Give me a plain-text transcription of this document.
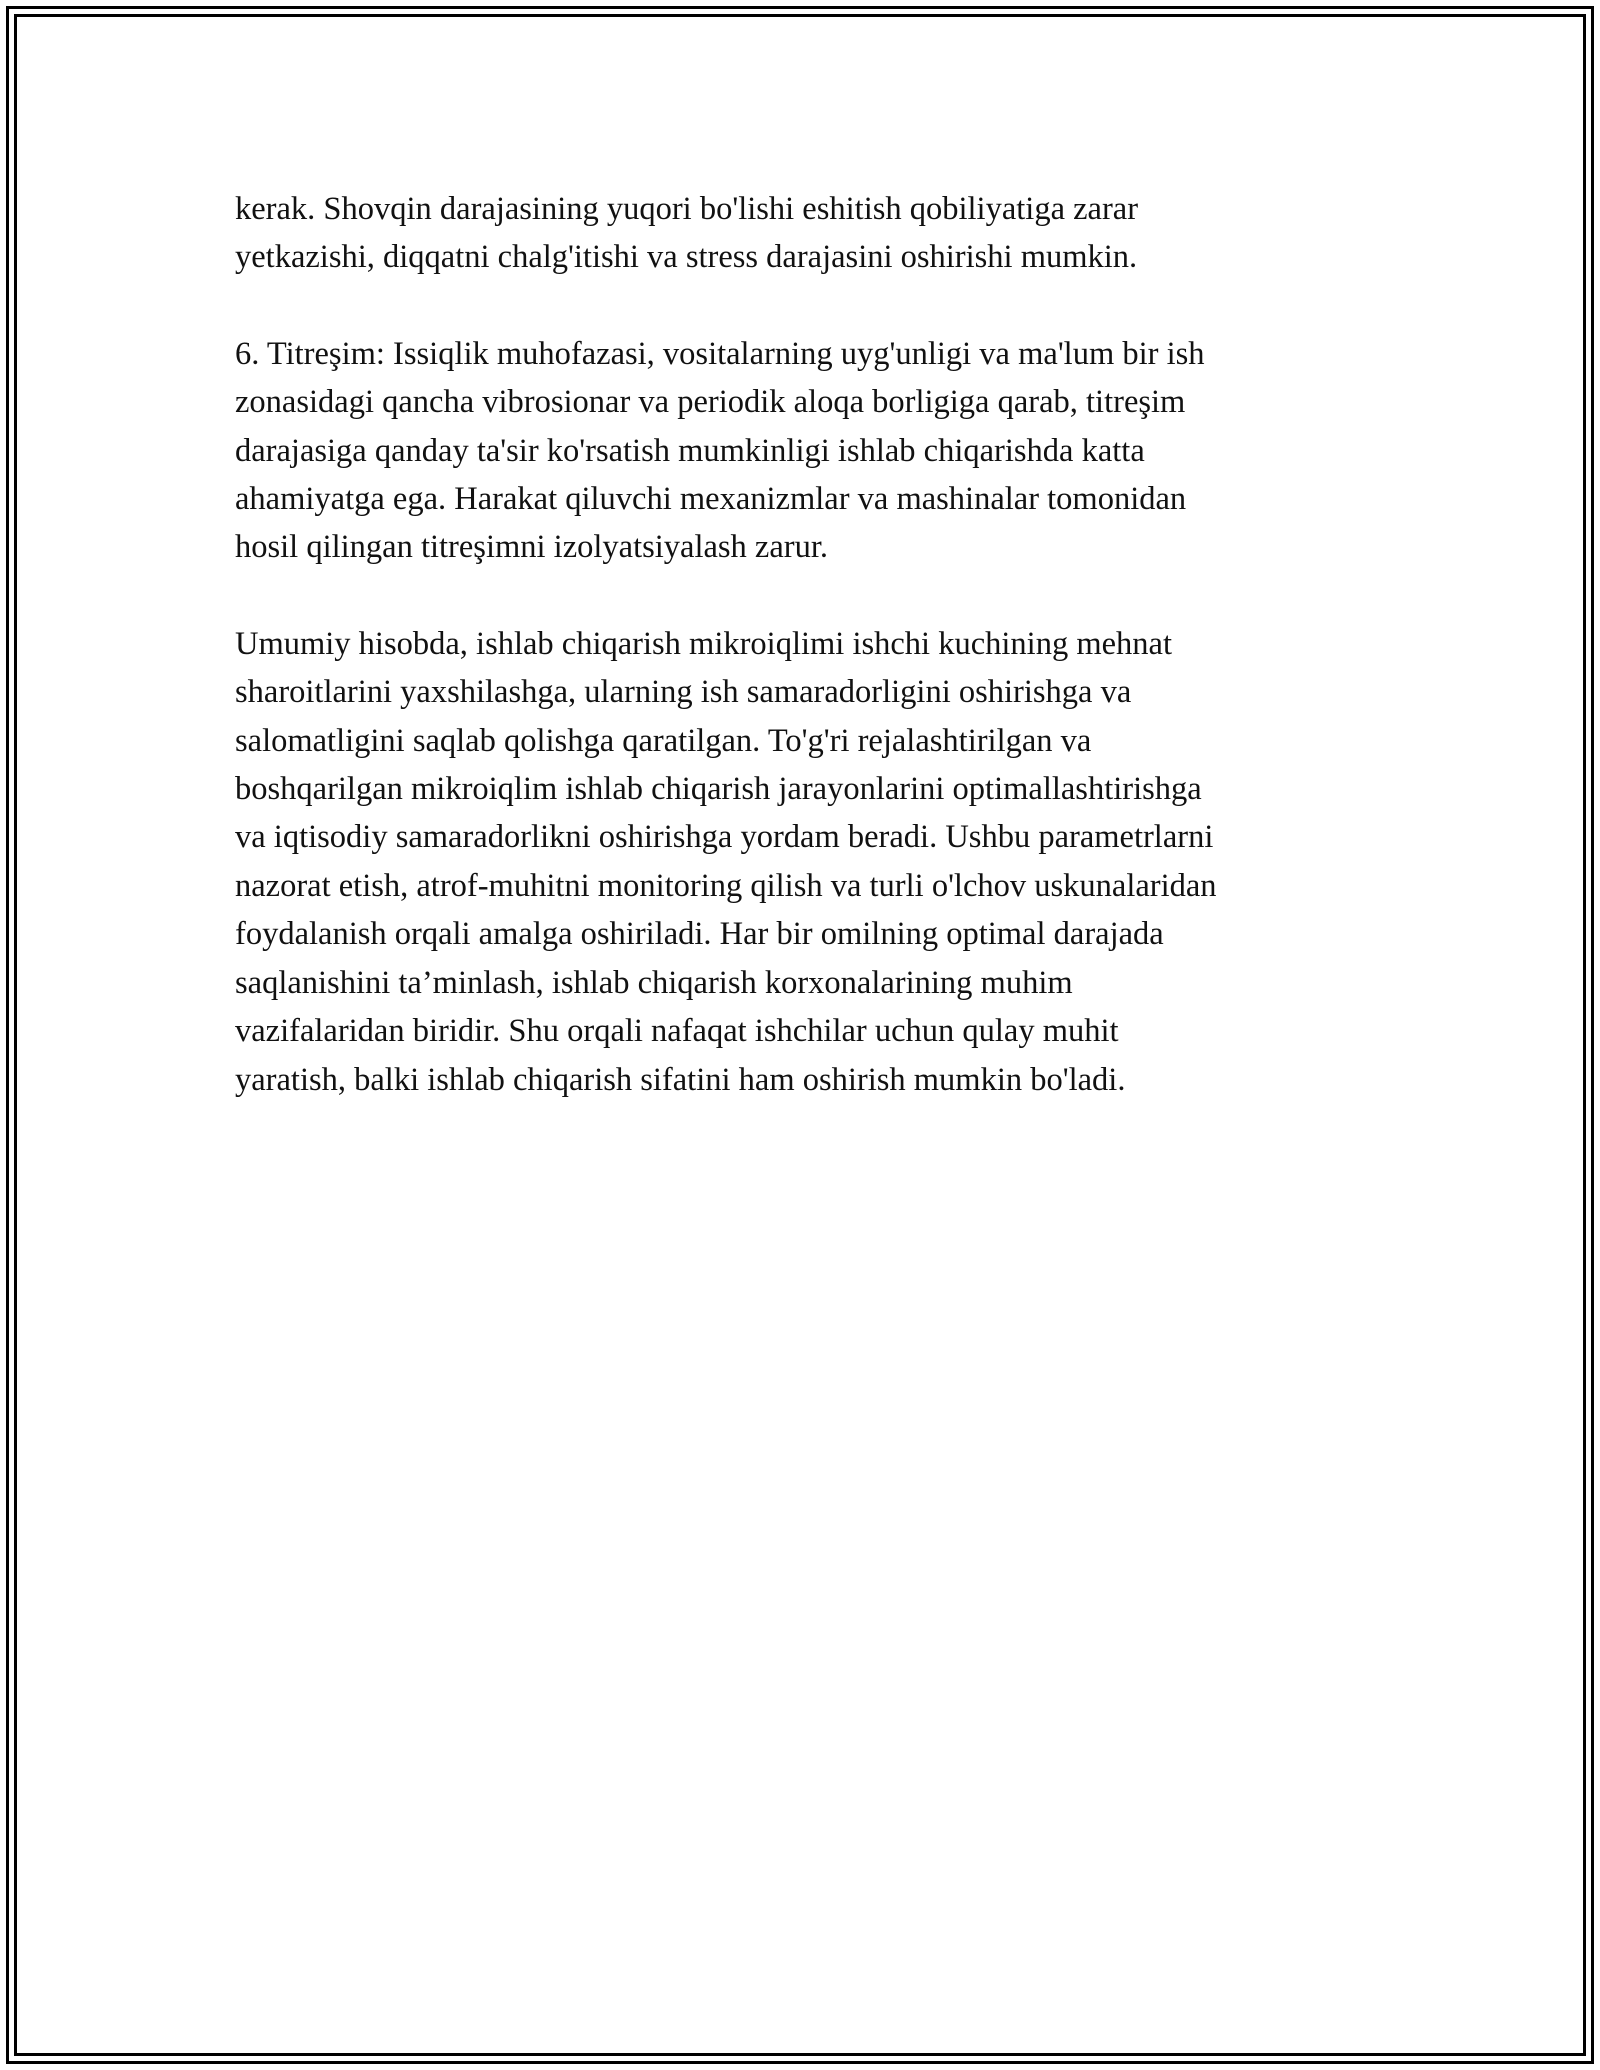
kerak. Shovqin darajasining yuqori bo'lishi eshitish qobiliyatiga zarar
yetkazishi, diqqatni chalg'itishi va stress darajasini oshirishi mumkin.

6. Titreşim: Issiqlik muhofazasi, vositalarning uyg'unligi va ma'lum bir ish
zonasidagi qancha vibrosionar va periodik aloqa borligiga qarab, titreşim
darajasiga qanday ta'sir ko'rsatish mumkinligi ishlab chiqarishda katta
ahamiyatga ega. Harakat qiluvchi mexanizmlar va mashinalar tomonidan
hosil qilingan titreşimni izolyatsiyalash zarur.

Umumiy hisobda, ishlab chiqarish mikroiqlimi ishchi kuchining mehnat
sharoitlarini yaxshilashga, ularning ish samaradorligini oshirishga va
salomatligini saqlab qolishga qaratilgan. To'g'ri rejalashtirilgan va
boshqarilgan mikroiqlim ishlab chiqarish jarayonlarini optimallashtirishga
va iqtisodiy samaradorlikni oshirishga yordam beradi. Ushbu parametrlarni
nazorat etish, atrof-muhitni monitoring qilish va turli o'lchov uskunalaridan
foydalanish orqali amalga oshiriladi. Har bir omilning optimal darajada
saqlanishini ta’minlash, ishlab chiqarish korxonalarining muhim
vazifalaridan biridir. Shu orqali nafaqat ishchilar uchun qulay muhit
yaratish, balki ishlab chiqarish sifatini ham oshirish mumkin bo'ladi.
